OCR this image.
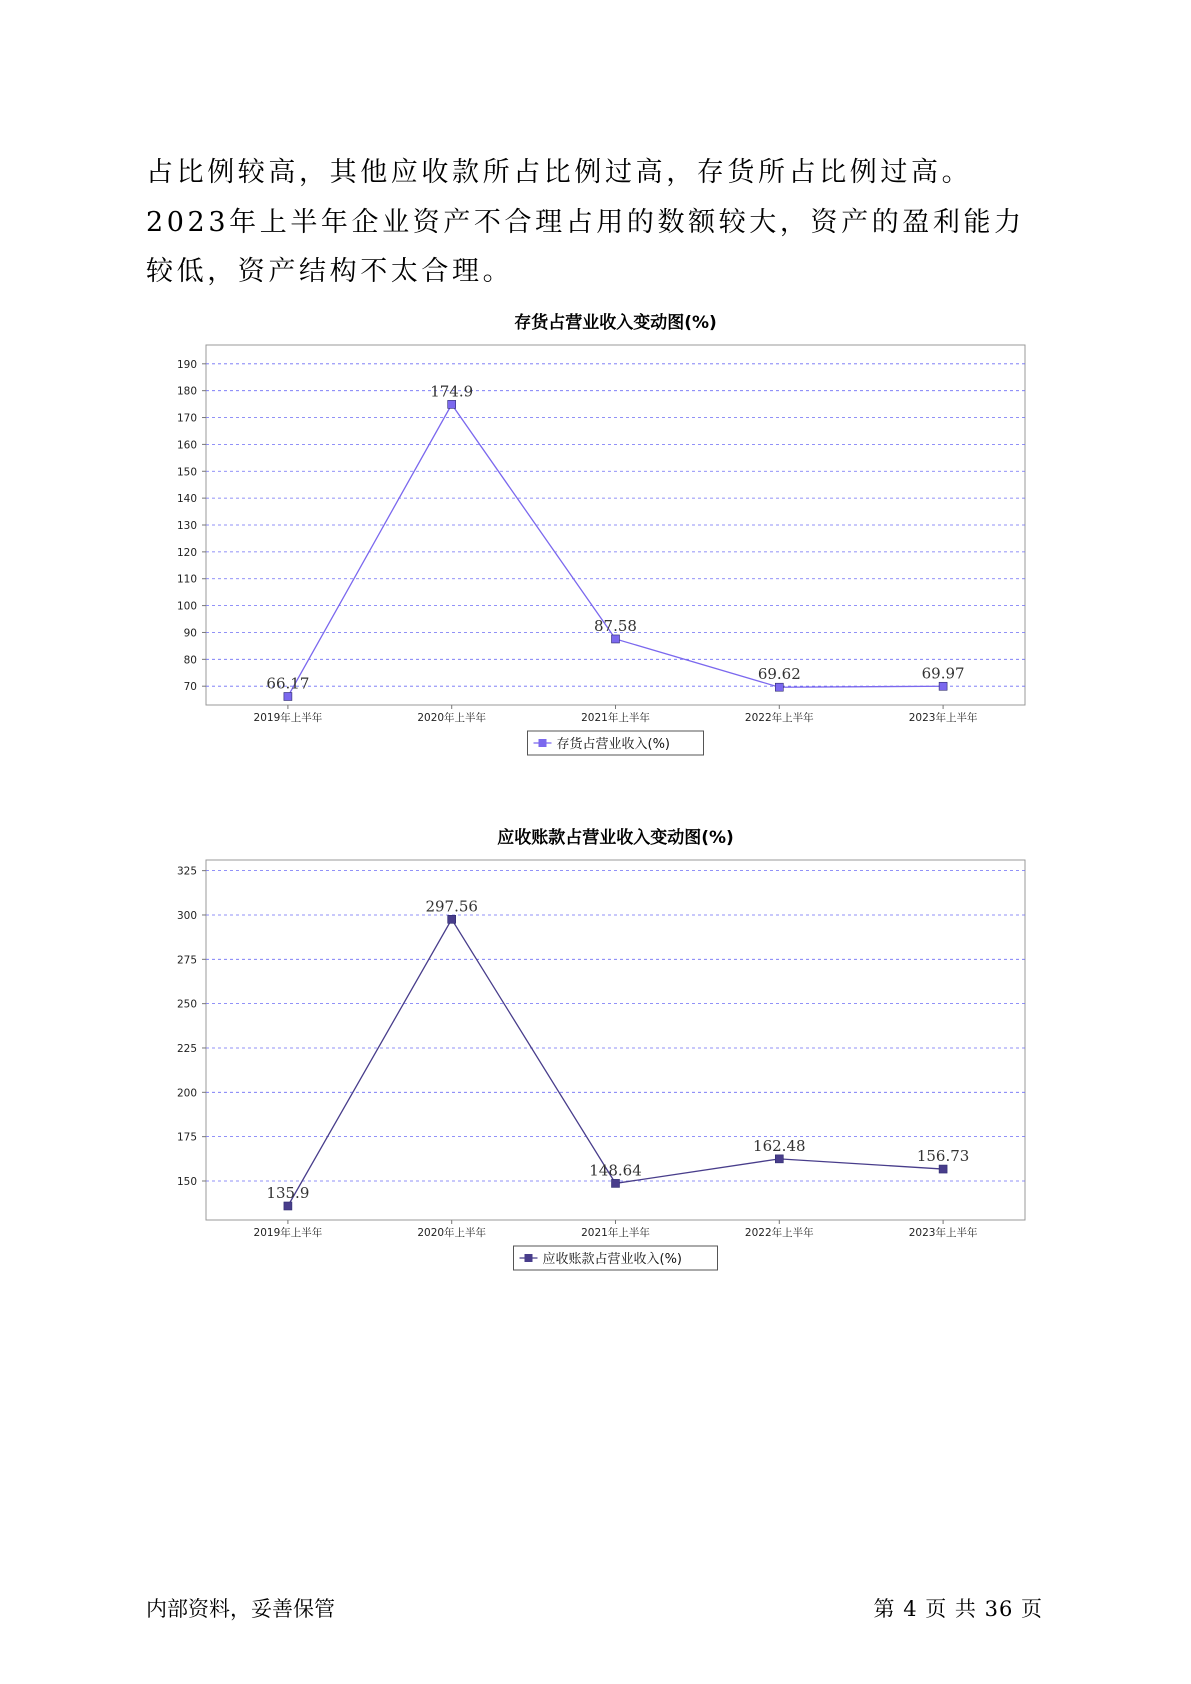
占比例较高，其他应收款所占比例过高，存货所占比例过高。2023年上半年企业资产不合理占用的数额较大，资产的盈利能力较低，资产结构不太合理。

存货占营业收入变动图(%)
70
80
90
100
110
120
130
140
150
160
170
180
190
2019年上半年	2020年上半年	2021年上半年	2022年上半年	2023年上半年
66.17
174.9
87.58
69.62	69.97
存货占营业收入(%)
应收账款占营业收入变动图(%)
150
175
200
225
250
275
300
325
2019年上半年	2020年上半年	2021年上半年	2022年上半年	2023年上半年
135.9
297.56
148.64
162.48
156.73
应收账款占营业收入(%)
内部资料，妥善保管	第 4 页 共 36 页
